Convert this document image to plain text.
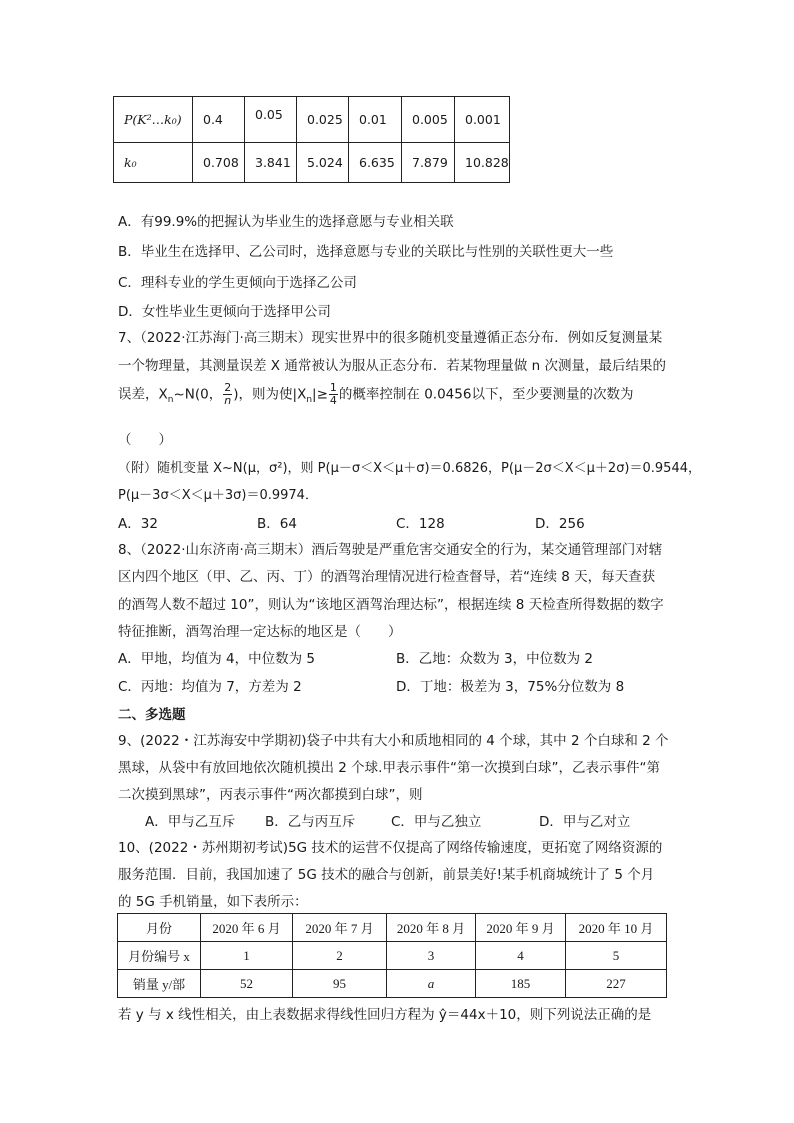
P(K²…k₀)	0.4	0.05	0.025	0.01	0.005	0.001
k₀	0.708	3.841	5.024	6.635	7.879	10.828
A．有99.9%的把握认为毕业生的选择意愿与专业相关联
B．毕业生在选择甲、乙公司时，选择意愿与专业的关联比与性别的关联性更大一些
C．理科专业的学生更倾向于选择乙公司
D．女性毕业生更倾向于选择甲公司
7、（2022·江苏海门·高三期末）现实世界中的很多随机变量遵循正态分布．例如反复测量某
一个物理量，其测量误差 X 通常被认为服从正态分布．若某物理量做 n 次测量，最后结果的
误差，$X_n\sim N(0$， $\frac{2}{n}$ )，则为使$|X_n|\ge \frac{1}{4}$ 的概率控制在 0.0456以下，至少要测量的次数为
（　　）
（附）随机变量 X~N(μ，σ²)，则 P(μ－σ＜X＜μ＋σ)＝0.6826，P(μ－2σ＜X＜μ＋2σ)＝0.9544，
P(μ－3σ＜X＜μ＋3σ)＝0.9974．
A．32	B．64	C．128	D．256
8、（2022·山东济南·高三期末）酒后驾驶是严重危害交通安全的行为，某交通管理部门对辖
区内四个地区（甲、乙、丙、丁）的酒驾治理情况进行检查督导，若“连续 8 天，每天查获
的酒驾人数不超过 10”，则认为“该地区酒驾治理达标”，根据连续 8 天检查所得数据的数字
特征推断，酒驾治理一定达标的地区是（　　）
A．甲地，均值为 4，中位数为 5	B．乙地：众数为 3，中位数为 2
C．丙地：均值为 7，方差为 2	D．丁地：极差为 3，75%分位数为 8
二、多选题
9、(2022・江苏海安中学期初)袋子中共有大小和质地相同的 4 个球，其中 2 个白球和 2 个
黑球，从袋中有放回地依次随机摸出 2 个球.甲表示事件“第一次摸到白球”，乙表示事件“第
二次摸到黑球”，丙表示事件“两次都摸到白球”，则
A．甲与乙互斥 B．乙与丙互斥	C．甲与乙独立	D．甲与乙对立
10、(2022・苏州期初考试)5G 技术的运营不仅提高了网络传输速度，更拓宽了网络资源的
服务范围．目前，我国加速了 5G 技术的融合与创新，前景美好!某手机商城统计了 5 个月
的 5G 手机销量，如下表所示：
月份	2020 年 6 月	2020 年 7 月	2020 年 8 月	2020 年 9 月	2020 年 10 月
月份编号 x	1	2	3	4	5
销量 y/部	52	95	a	185	227
若 y 与 x 线性相关，由上表数据求得线性回归方程为 ŷ＝44x＋10，则下列说法正确的是
